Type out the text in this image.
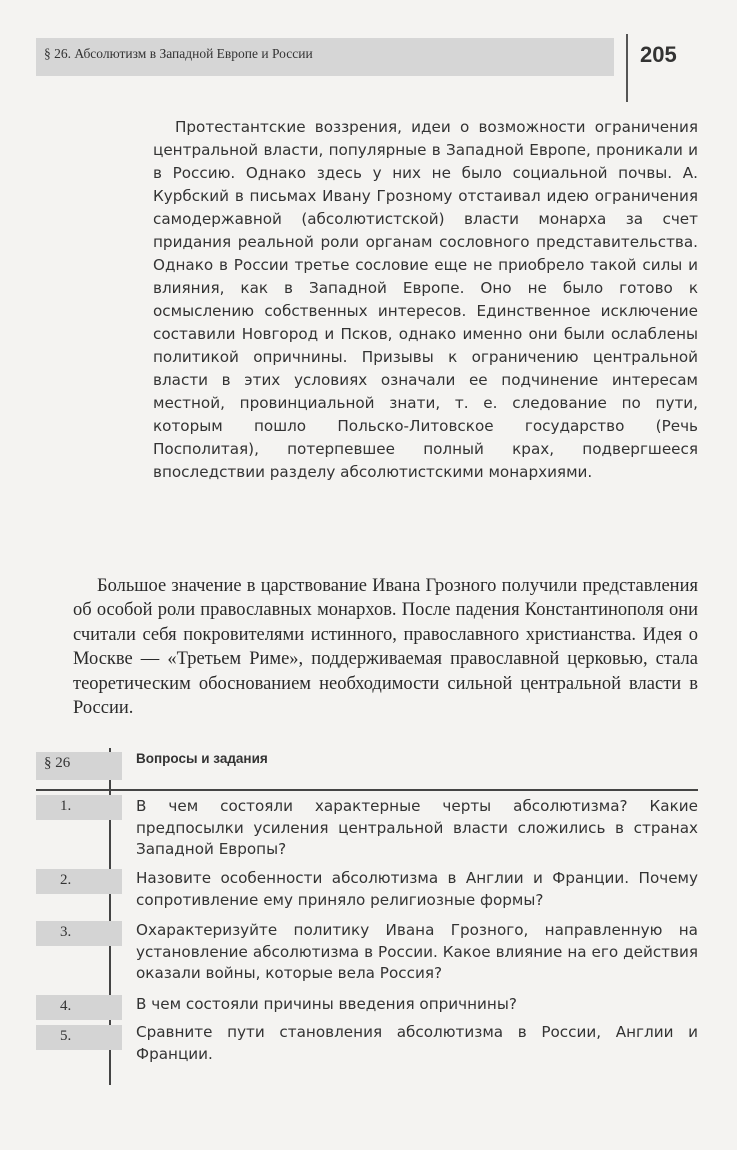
§ 26. Абсолютизм в Западной Европе и России	205

Протестантские воззрения, идеи о возможности ограничения центральной власти, популярные в Западной Европе, проникали и в Россию. Однако здесь у них не было социальной почвы. А. Курбский в письмах Ивану Грозному отстаивал идею ограничения самодержавной (абсолютистской) власти монарха за счет придания реальной роли органам сословного представительства. Однако в России третье сословие еще не приобрело такой силы и влияния, как в Западной Европе. Оно не было готово к осмыслению собственных интересов. Единственное исключение составили Новгород и Псков, однако именно они были ослаблены политикой опричнины. Призывы к ограничению центральной власти в этих условиях означали ее подчинение интересам местной, провинциальной знати, т. е. следование по пути, которым пошло Польско-Литовское государство (Речь Посполитая), потерпевшее полный крах, подвергшееся впоследствии разделу абсолютистскими монархиями.

Большое значение в царствование Ивана Грозного получили представления об особой роли православных монархов. После падения Константинополя они считали себя покровителями истинного, православного христианства. Идея о Москве — «Третьем Риме», поддерживаемая православной церковью, стала теоретическим обоснованием необходимости сильной центральной власти в России.

§ 26	Вопросы и задания
1.	В чем состояли характерные черты абсолютизма? Какие предпосылки усиления центральной власти сложились в странах Западной Европы?
2.	Назовите особенности абсолютизма в Англии и Франции. Почему сопротивление ему приняло религиозные формы?
3.	Охарактеризуйте политику Ивана Грозного, направленную на установление абсолютизма в России. Какое влияние на его действия оказали войны, которые вела Россия?
4.	В чем состояли причины введения опричнины?
5.	Сравните пути становления абсолютизма в России, Англии и Франции.
